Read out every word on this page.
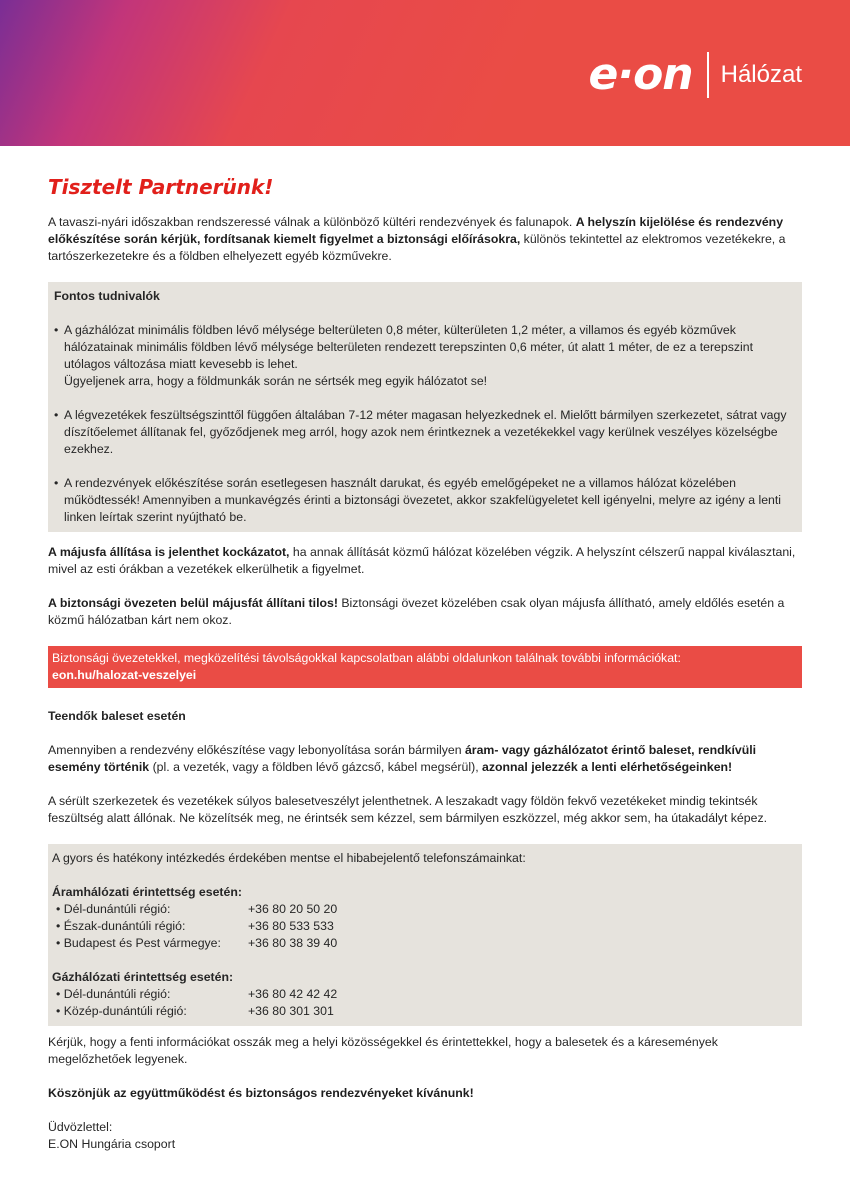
e·on Hálózat
Tisztelt Partnerünk!

A tavaszi-nyári időszakban rendszeressé válnak a különböző kültéri rendezvények és falunapok. A helyszín kijelölése és rendezvény előkészítése során kérjük, fordítsanak kiemelt figyelmet a biztonsági előírásokra, különös tekintettel az elektromos vezetékekre, a tartószerkezetekre és a földben elhelyezett egyéb közművekre.

Fontos tudnivalók
• A gázhálózat minimális földben lévő mélysége belterületen 0,8 méter, külterületen 1,2 méter, a villamos és egyéb közművek hálózatainak minimális földben lévő mélysége belterületen rendezett terepszinten 0,6 méter, út alatt 1 méter, de ez a terepszint utólagos változása miatt kevesebb is lehet.
Ügyeljenek arra, hogy a földmunkák során ne sértsék meg egyik hálózatot se!
• A légvezetékek feszültségszinttől függően általában 7-12 méter magasan helyezkednek el. Mielőtt bármilyen szerkezetet, sátrat vagy díszítőelemet állítanak fel, győződjenek meg arról, hogy azok nem érintkeznek a vezetékekkel vagy kerülnek veszélyes közelségbe ezekhez.
• A rendezvények előkészítése során esetlegesen használt darukat, és egyéb emelőgépeket ne a villamos hálózat közelében működtessék! Amennyiben a munkavégzés érinti a biztonsági övezetet, akkor szakfelügyeletet kell igényelni, melyre az igény a lenti linken leírtak szerint nyújtható be.

A májusfa állítása is jelenthet kockázatot, ha annak állítását közmű hálózat közelében végzik. A helyszínt célszerű nappal kiválasztani, mivel az esti órákban a vezetékek elkerülhetik a figyelmet.

A biztonsági övezeten belül májusfát állítani tilos! Biztonsági övezet közelében csak olyan májusfa állítható, amely eldőlés esetén a közmű hálózatban kárt nem okoz.

Biztonsági övezetekkel, megközelítési távolságokkal kapcsolatban alábbi oldalunkon találnak további információkat:
eon.hu/halozat-veszelyei
Teendők baleset esetén

Amennyiben a rendezvény előkészítése vagy lebonyolítása során bármilyen áram- vagy gázhálózatot érintő baleset, rendkívüli esemény történik (pl. a vezeték, vagy a földben lévő gázcső, kábel megsérül), azonnal jelezzék a lenti elérhetőségeinken!

A sérült szerkezetek és vezetékek súlyos balesetveszélyt jelenthetnek. A leszakadt vagy földön fekvő vezetékeket mindig tekintsék feszültség alatt állónak. Ne közelítsék meg, ne érintsék sem kézzel, sem bármilyen eszközzel, még akkor sem, ha útakadályt képez.

A gyors és hatékony intézkedés érdekében mentse el hibabejelentő telefonszámainkat:
Áramhálózati érintettség esetén:
• Dél-dunántúli régió:	+36 80 20 50 20
• Észak-dunántúli régió:	+36 80 533 533
• Budapest és Pest vármegye:	+36 80 38 39 40
Gázhálózati érintettség esetén:
• Dél-dunántúli régió:	+36 80 42 42 42
• Közép-dunántúli régió:	+36 80 301 301

Kérjük, hogy a fenti információkat osszák meg a helyi közösségekkel és érintettekkel, hogy a balesetek és a káresemények megelőzhetőek legyenek.

Köszönjük az együttműködést és biztonságos rendezvényeket kívánunk!

Üdvözlettel:

E.ON Hungária csoport
